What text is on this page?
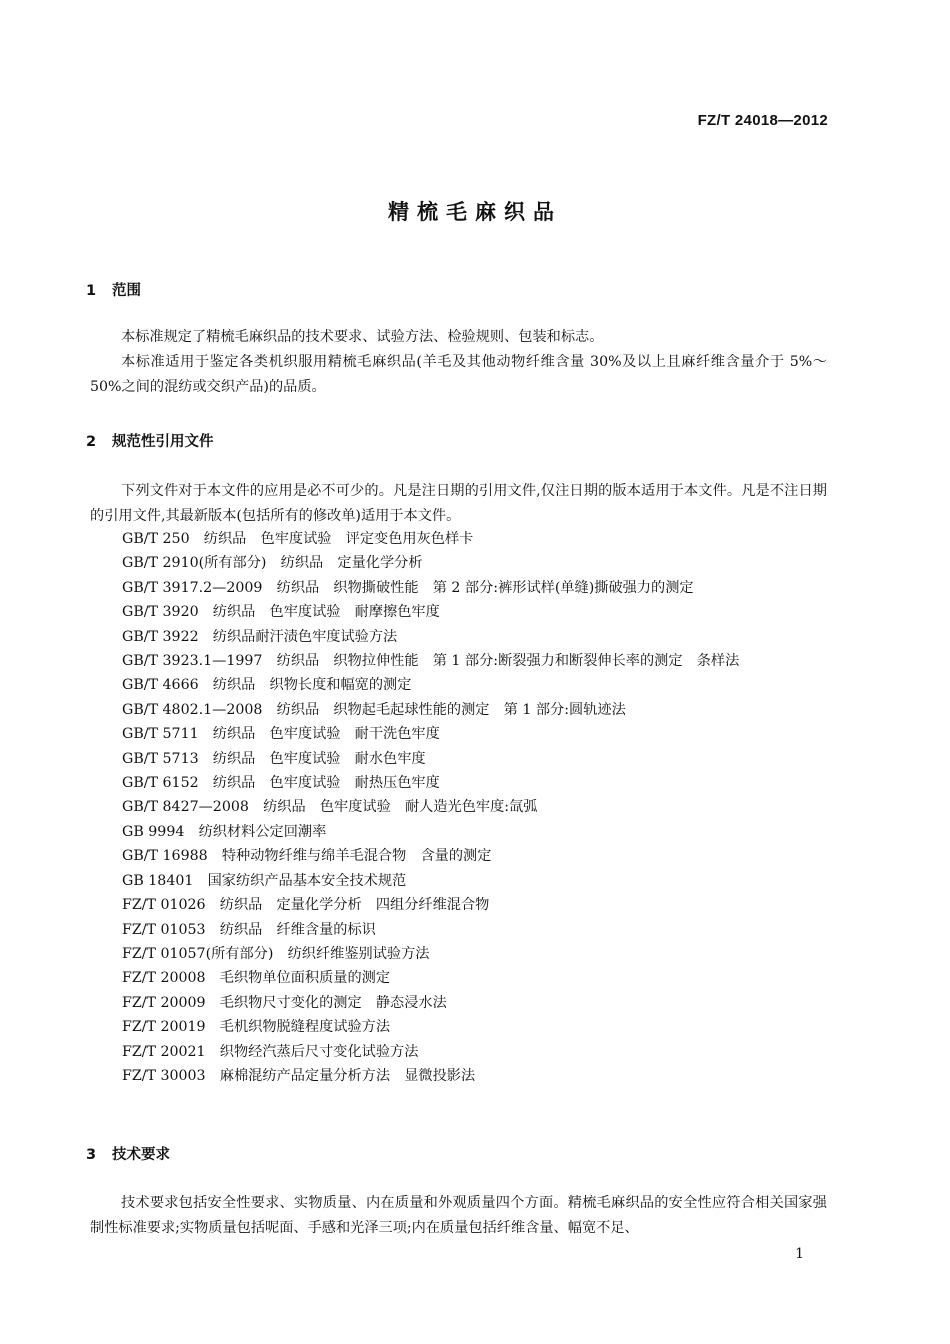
FZ/T 24018—2012
精梳毛麻织品
1 范围
本标准规定了精梳毛麻织品的技术要求、试验方法、检验规则、包装和标志。
本标准适用于鉴定各类机织服用精梳毛麻织品(羊毛及其他动物纤维含量 30%及以上且麻纤维含量介于 5%～50%之间的混纺或交织产品)的品质。
2 规范性引用文件
下列文件对于本文件的应用是必不可少的。凡是注日期的引用文件,仅注日期的版本适用于本文件。凡是不注日期的引用文件,其最新版本(包括所有的修改单)适用于本文件。
GB/T 250　纺织品　色牢度试验　评定变色用灰色样卡
GB/T 2910(所有部分)　纺织品　定量化学分析
GB/T 3917.2—2009　纺织品　织物撕破性能　第 2 部分:裤形试样(单缝)撕破强力的测定
GB/T 3920　纺织品　色牢度试验　耐摩擦色牢度
GB/T 3922　纺织品耐汗渍色牢度试验方法
GB/T 3923.1—1997　纺织品　织物拉伸性能　第 1 部分:断裂强力和断裂伸长率的测定　条样法
GB/T 4666　纺织品　织物长度和幅宽的测定
GB/T 4802.1—2008　纺织品　织物起毛起球性能的测定　第 1 部分:圆轨迹法
GB/T 5711　纺织品　色牢度试验　耐干洗色牢度
GB/T 5713　纺织品　色牢度试验　耐水色牢度
GB/T 6152　纺织品　色牢度试验　耐热压色牢度
GB/T 8427—2008　纺织品　色牢度试验　耐人造光色牢度:氙弧
GB 9994　纺织材料公定回潮率
GB/T 16988　特种动物纤维与绵羊毛混合物　含量的测定
GB 18401　国家纺织产品基本安全技术规范
FZ/T 01026　纺织品　定量化学分析　四组分纤维混合物
FZ/T 01053　纺织品　纤维含量的标识
FZ/T 01057(所有部分)　纺织纤维鉴别试验方法
FZ/T 20008　毛织物单位面积质量的测定
FZ/T 20009　毛织物尺寸变化的测定　静态浸水法
FZ/T 20019　毛机织物脱缝程度试验方法
FZ/T 20021　织物经汽蒸后尺寸变化试验方法
FZ/T 30003　麻棉混纺产品定量分析方法　显微投影法
3 技术要求
技术要求包括安全性要求、实物质量、内在质量和外观质量四个方面。精梳毛麻织品的安全性应符合相关国家强制性标准要求;实物质量包括呢面、手感和光泽三项;内在质量包括纤维含量、幅宽不足、
1
